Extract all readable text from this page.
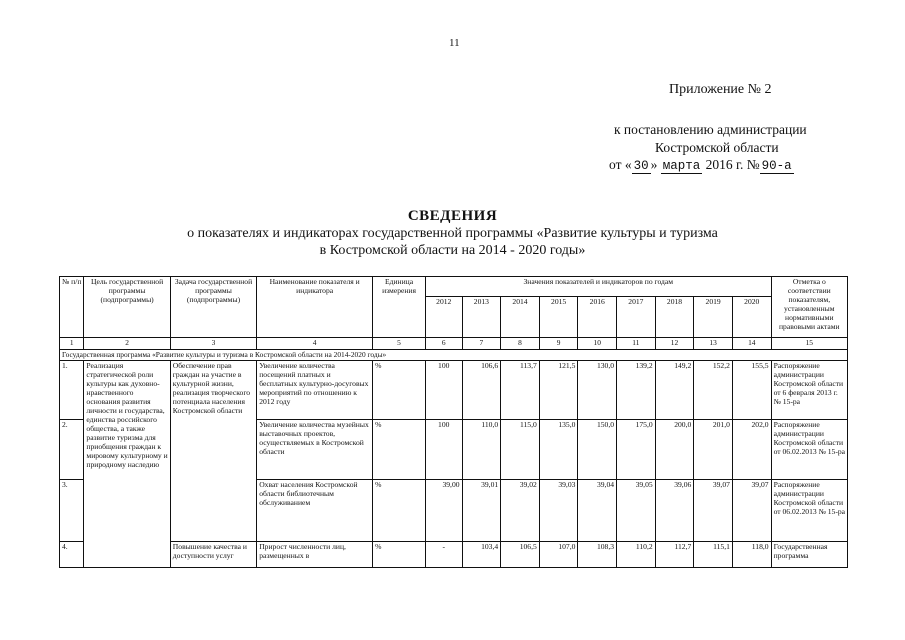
11
Приложение № 2
к постановлению администрации
Костромской области
от « 30 » марта 2016 г. № 90-а
СВЕДЕНИЯ
о показателях и индикаторах государственной программы «Развитие культуры и туризма
в Костромской области на 2014 - 2020 годы»
№ п/п	Цель государственной программы (подпрограммы)	Задача государственной программы (подпрограммы)	Наименование показателя и индикатора	Единица измерения	Значения показателей и индикаторов по годам									Отметка о соответствии показателям, установленным нормативными правовыми актами
					2012	2013	2014	2015	2016	2017	2018	2019	2020	
1	2	3	4	5	6	7	8	9	10	11	12	13	14	15
Государственная программа «Развитие культуры и туризма в Костромской области на 2014-2020 годы»														
1.	Реализация стратегической роли культуры как духовно-нравственного основания развития личности и государства, единства российского общества, а также развитие туризма для приобщения граждан к мировому культурному и природному наследию	Обеспечение прав граждан на участие в культурной жизни, реализация творческого потенциала населения Костромской области	Увеличение количества посещений платных и бесплатных культурно-досуговых мероприятий по отношению к 2012 году	%	100	106,6	113,7	121,5	130,0	139,2	149,2	152,2	155,5	Распоряжение администрации Костромской области от 6 февраля 2013 г. № 15-ра
2.			Увеличение количества музейных выставочных проектов, осуществляемых в Костромской области	%	100	110,0	115,0	135,0	150,0	175,0	200,0	201,0	202,0	Распоряжение администрации Костромской области от 06.02.2013 № 15-ра
3.			Охват населения Костромской области библиотечным обслуживанием	%	39,00	39,01	39,02	39,03	39,04	39,05	39,06	39,07	39,07	Распоряжение администрации Костромской области от 06.02.2013 № 15-ра
4.		Повышение качества и доступности услуг	Прирост численности лиц, размещенных в	%	-	103,4	106,5	107,0	108,3	110,2	112,7	115,1	118,0	Государственная программа
